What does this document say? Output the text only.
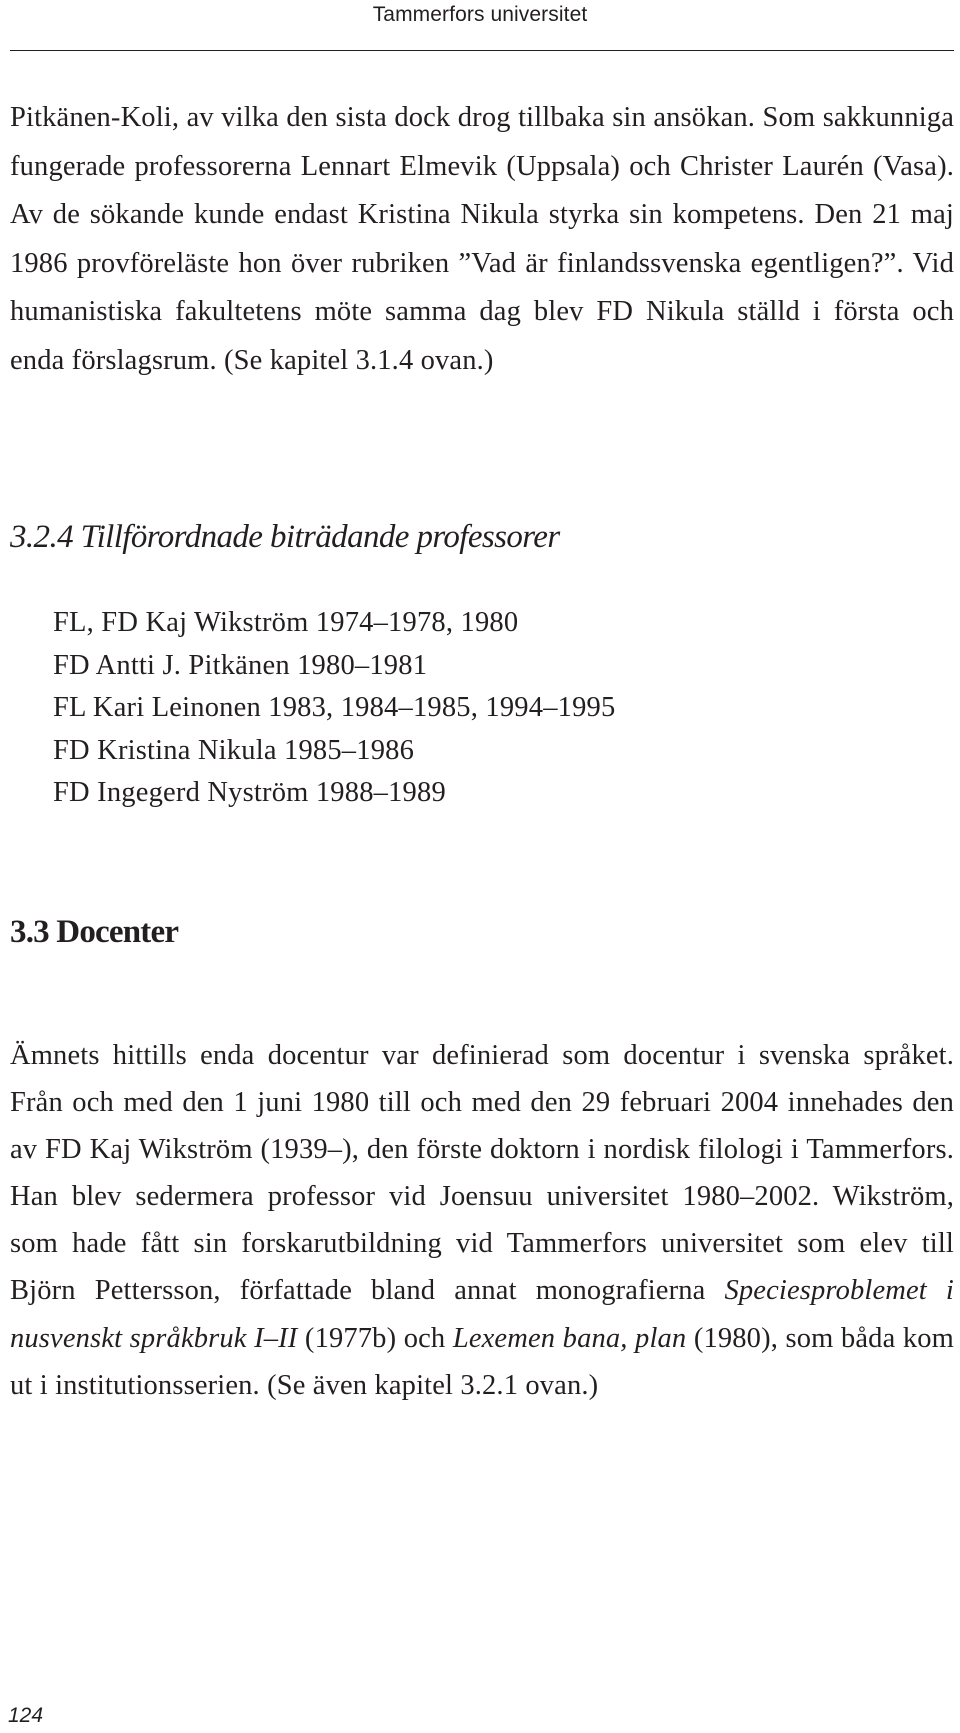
Tammerfors universitet

Pitkänen-Koli, av vilka den sista dock drog tillbaka sin ansökan. Som sakkunniga fungerade professorerna Lennart Elmevik (Uppsala) och Christer Laurén (Vasa). Av de sökande kunde endast Kristina Nikula styrka sin kompetens. Den 21 maj 1986 provföreläste hon över rubriken ”Vad är finlandssvenska egentligen?”. Vid humanistiska fakultetens möte samma dag blev FD Nikula ställd i första och enda förslagsrum. (Se kapitel 3.1.4 ovan.)

3.2.4 Tillförordnade biträdande professorer
FL, FD Kaj Wikström 1974–1978, 1980
FD Antti J. Pitkänen 1980–1981
FL Kari Leinonen 1983, 1984–1985, 1994–1995
FD Kristina Nikula 1985–1986
FD Ingegerd Nyström 1988–1989
3.3 Docenter

Ämnets hittills enda docentur var definierad som docentur i svenska språket. Från och med den 1 juni 1980 till och med den 29 februari 2004 innehades den av FD Kaj Wikström (1939–), den förste doktorn i nordisk filologi i Tammerfors. Han blev sedermera professor vid Joensuu universitet 1980–2002. Wikström, som hade fått sin forskarutbildning vid Tammerfors universitet som elev till Björn Pettersson, författade bland annat monografierna Speciesproblemet i nusvenskt språkbruk I–II (1977b) och Lexemen bana, plan (1980), som båda kom ut i institutionsserien. (Se även kapitel 3.2.1 ovan.)

124
